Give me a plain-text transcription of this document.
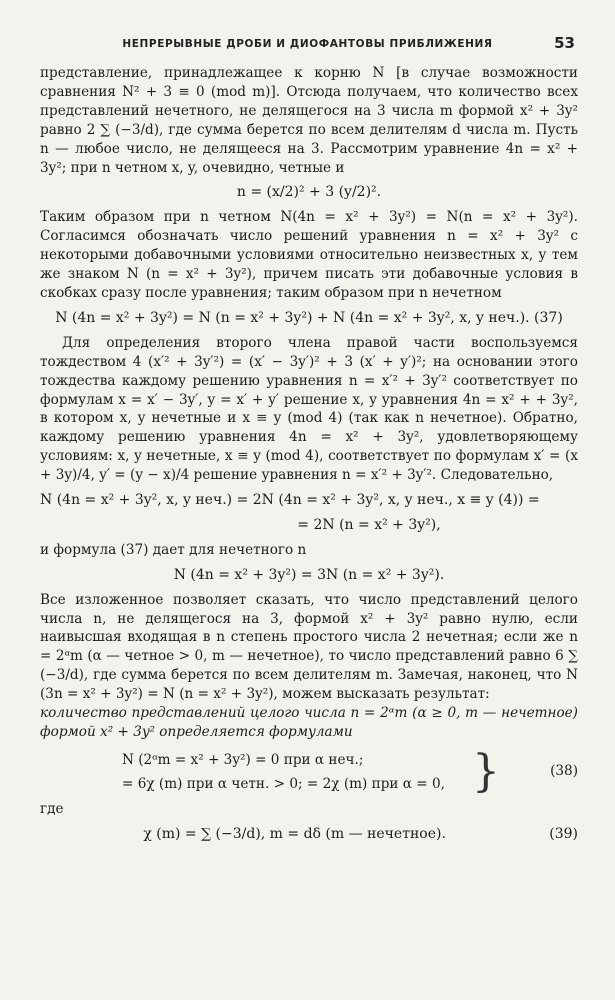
НЕПРЕРЫВНЫЕ ДРОБИ И ДИОФАНТОВЫ ПРИБЛИЖЕНИЯ	53

представление, принадлежащее к корню N [в случае возможности сравнения N² + 3 ≡ 0 (mod m)]. Отсюда получаем, что количество всех представлений нечетного, не делящегося на 3 числа m формой x² + 3y² равно 2 ∑ (−3/d), где сумма берется по всем делителям d числа m. Пусть n — любое число, не делящееся на 3. Рассмотрим уравнение 4n = x² + 3y²; при n четном x, y, очевидно, четные и

n = (x/2)² + 3 (y/2)².

Таким образом при n четном N(4n = x² + 3y²) = N(n = x² + 3y²). Согласимся обозначать число решений уравнения n = x² + 3y² с некоторыми добавочными условиями относительно неизвестных x, y тем же знаком N (n = x² + 3y²), причем писать эти добавочные условия в скобках сразу после уравнения; таким образом при n нечетном

N (4n = x² + 3y²) = N (n = x² + 3y²) + N (4n = x² + 3y², x, y неч.). (37)

Для определения второго члена правой части воспользуемся тождеством 4 (x′² + 3y′²) = (x′ − 3y′)² + 3 (x′ + y′)²; на основании этого тождества каждому решению уравнения n = x′² + 3y′² соответствует по формулам x = x′ − 3y′, y = x′ + y′ решение x, y уравнения 4n = x² + + 3y², в котором x, y нечетные и x ≡ y (mod 4) (так как n нечетное). Обратно, каждому решению уравнения 4n = x² + 3y², удовлетворяющему условиям: x, y нечетные, x ≡ y (mod 4), соответствует по формулам x′ = (x + 3y)/4, y′ = (y − x)/4 решение уравнения n = x′² + 3y′². Следовательно,

N (4n = x² + 3y², x, y неч.) = 2N (4n = x² + 3y², x, y неч., x ≡ y (4)) =
= 2N (n = x² + 3y²),

и формула (37) дает для нечетного n

N (4n = x² + 3y²) = 3N (n = x² + 3y²).

Все изложенное позволяет сказать, что число представлений целого числа n, не делящегося на 3, формой x² + 3y² равно нулю, если наивысшая входящая в n степень простого числа 2 нечетная; если же n = 2ᵅm (α — четное > 0, m — нечетное), то число представлений равно 6 ∑ (−3/d), где сумма берется по всем делителям m. Замечая, наконец, что N (3n = x² + 3y²) = N (n = x² + 3y²), можем высказать результат:

количество представлений целого числа n = 2ᵅm (α ≥ 0, m — нечетное) формой x² + 3y² определяется формулами

N (2ᵅm = x² + 3y²) = 0 при α неч.;
= 6χ (m) при α четн. > 0; = 2χ (m) при α = 0, }	(38)

где

χ (m) = ∑ (−3/d), m = dδ (m — нечетное).	(39)
